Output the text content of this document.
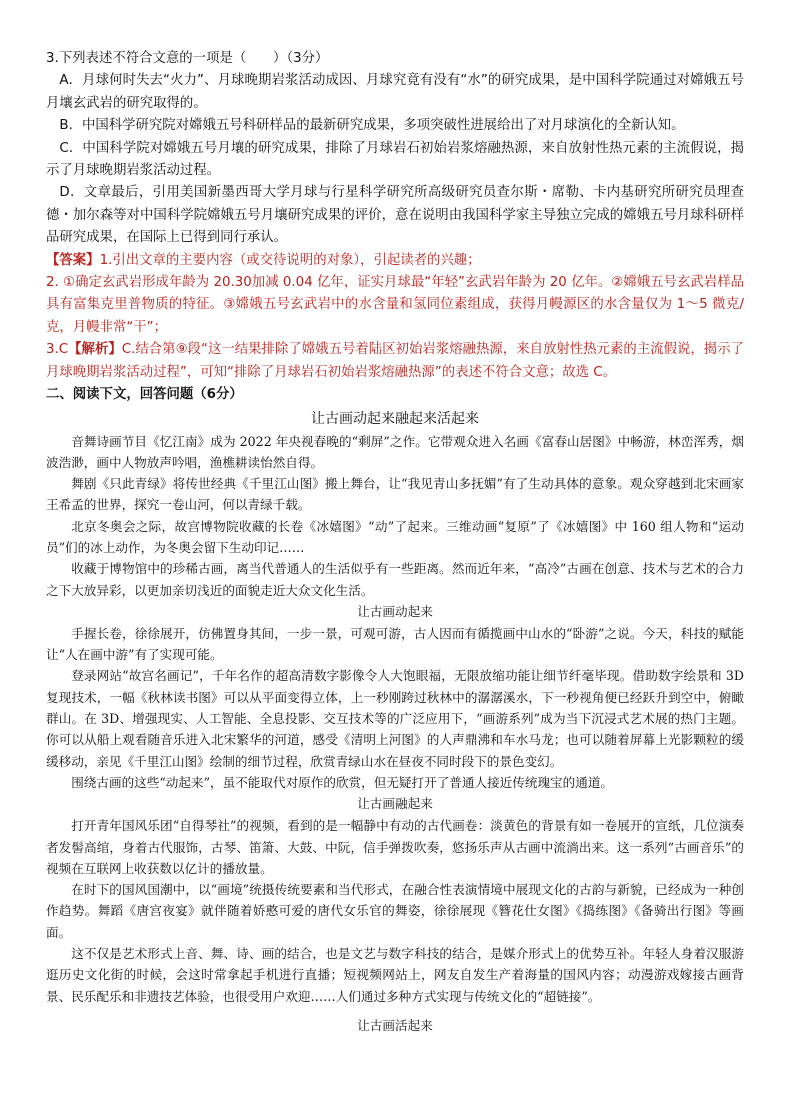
3.下列表述不符合文意的一项是（　　）（3分）

A．月球何时失去“火力”、月球晚期岩浆活动成因、月球究竟有没有“水”的研究成果，是中国科学院通过对嫦娥五号月壤玄武岩的研究取得的。

B．中国科学研究院对嫦娥五号科研样品的最新研究成果，多项突破性进展给出了对月球演化的全新认知。

C．中国科学院对嫦娥五号月壤的研究成果，排除了月球岩石初始岩浆熔融热源，来自放射性热元素的主流假说，揭示了月球晚期岩浆活动过程。

D．文章最后，引用美国新墨西哥大学月球与行星科学研究所高级研究员查尔斯・席勒、卡内基研究所研究员理查德・加尔森等对中国科学院嫦娥五号月壤研究成果的评价，意在说明由我国科学家主导独立完成的嫦娥五号月球科研样品研究成果，在国际上已得到同行承认。

【答案】1.引出文章的主要内容（或交待说明的对象），引起读者的兴趣；

2. ①确定玄武岩形成年龄为 20.30加减 0.04 亿年，证实月球最“年轻”玄武岩年龄为 20 亿年。②嫦娥五号玄武岩样品具有富集克里普物质的特征。③嫦娥五号玄武岩中的水含量和氢同位素组成，获得月幔源区的水含量仅为 1～5 微克/克，月幔非常“干”；

3.C【解析】C.结合第⑨段“这一结果排除了嫦娥五号着陆区初始岩浆熔融热源，来自放射性热元素的主流假说，揭示了月球晚期岩浆活动过程”，可知“排除了月球岩石初始岩浆熔融热源”的表述不符合文意；故选 C。

二、阅读下文，回答问题（6分）

让古画动起来融起来活起来

音舞诗画节目《忆江南》成为 2022 年央视春晚的“剩屏”之作。它带观众进入名画《富春山居图》中畅游，林峦浑秀，烟波浩渺，画中人物放声吟唱，渔樵耕读怡然自得。

舞剧《只此青绿》将传世经典《千里江山图》搬上舞台，让“我见青山多抚媚”有了生动具体的意象。观众穿越到北宋画家王希孟的世界，探究一卷山河，何以青绿千载。

北京冬奥会之际，故宫博物院收藏的长卷《冰嬉图》“动”了起来。三维动画“复原”了《冰嬉图》中 160 组人物和“运动员”们的冰上动作，为冬奥会留下生动印记……

收藏于博物馆中的珍稀古画，离当代普通人的生活似乎有一些距离。然而近年来，“高冷”古画在创意、技术与艺术的合力之下大放异彩，以更加亲切浅近的面貌走近大众文化生活。

让古画动起来

手握长卷，徐徐展开，仿佛置身其间，一步一景，可观可游，古人因而有循揽画中山水的“卧游”之说。今天，科技的赋能让“人在画中游”有了实现可能。

登录网站“故宫名画记”，千年名作的超高清数字影像令人大饱眼福，无限放缩功能让细节纤毫毕现。借助数字绘景和 3D 复现技术，一幅《秋林读书图》可以从平面变得立体，上一秒刚跨过秋林中的潺潺溪水，下一秒视角便已经跃升到空中，俯瞰群山。在 3D、增强现实、人工智能、全息投影、交互技术等的广泛应用下，“画游系列”成为当下沉浸式艺术展的热门主题。你可以从船上观看随音乐进入北宋繁华的河道，感受《清明上河图》的人声鼎沸和车水马龙；也可以随着屏幕上光影颗粒的缓缓移动，亲见《千里江山图》绘制的细节过程，欣赏青绿山水在昼夜不同时段下的景色变幻。

围绕古画的这些“动起来”，虽不能取代对原作的欣赏，但无疑打开了普通人接近传统瑰宝的通道。

让古画融起来

打开青年国风乐团“自得琴社”的视频，看到的是一幅静中有动的古代画卷：淡黄色的背景有如一卷展开的宣纸，几位演奏者发髻高绾，身着古代服饰，古琴、笛箫、大鼓、中阮，信手弹拨吹奏，悠扬乐声从古画中流淌出来。这一系列“古画音乐”的视频在互联网上收获数以亿计的播放量。

在时下的国风国潮中，以“画境”统摄传统要素和当代形式，在融合性表演情境中展现文化的古韵与新貌，已经成为一种创作趋势。舞蹈《唐宫夜宴》就伴随着娇憨可爱的唐代女乐官的舞姿，徐徐展现《簪花仕女图》《捣练图》《备骑出行图》等画面。

这不仅是艺术形式上音、舞、诗、画的结合，也是文艺与数字科技的结合，是媒介形式上的优势互补。年轻人身着汉服游逛历史文化街的时候，会这时常拿起手机进行直播；短视频网站上，网友自发生产着海量的国风内容；动漫游戏嫁接古画背景、民乐配乐和非遗技艺体验，也很受用户欢迎……人们通过多种方式实现与传统文化的“超链接”。

让古画活起来
